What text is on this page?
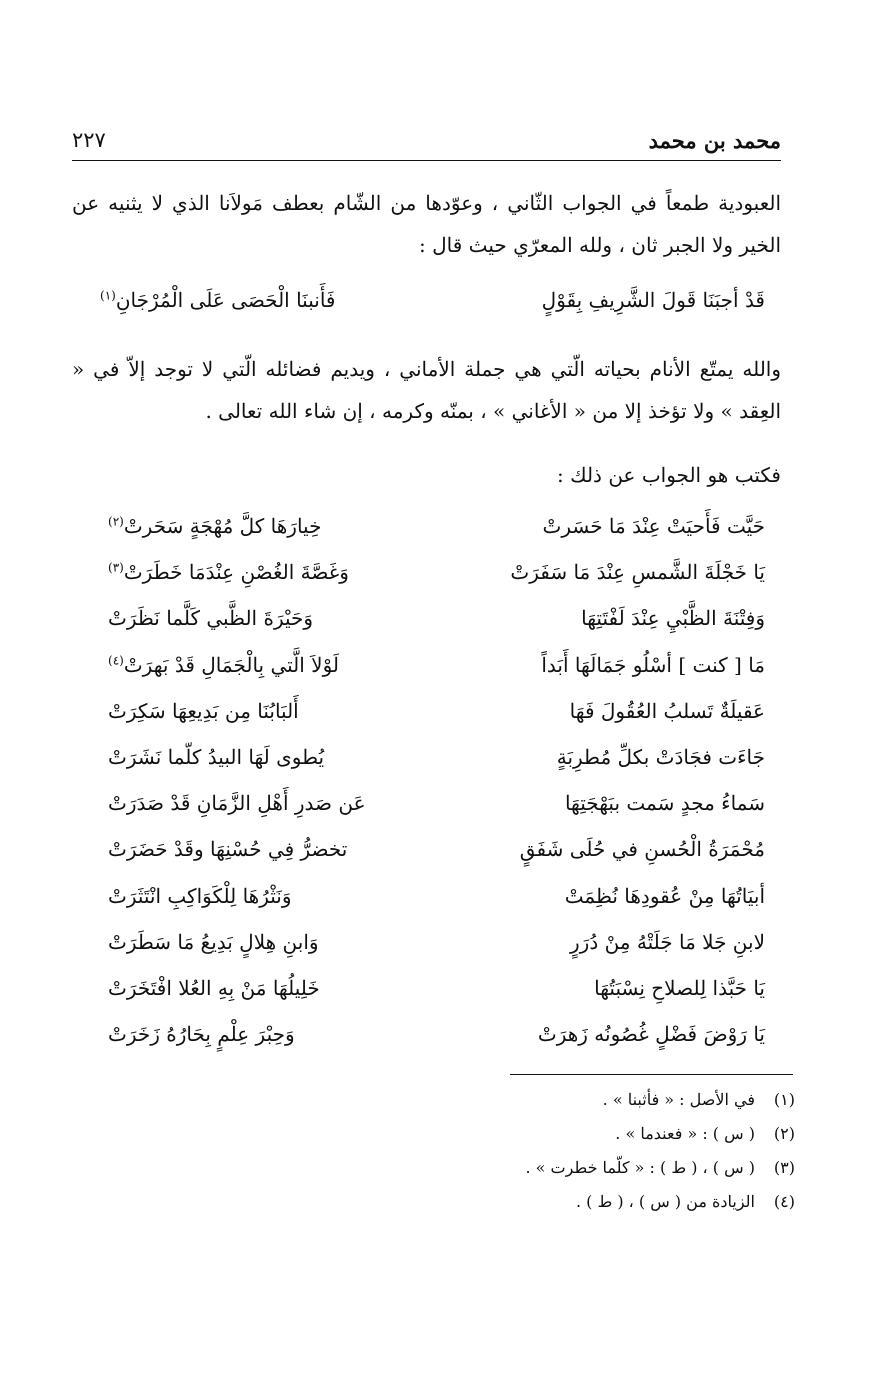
محمد بن محمد
٢٢٧

العبودية طمعاً في الجواب الثّاني ، وعوّدها من الشّام بعطف مَولاَنا الذي لا يثنيه عن الخير ولا الجبر ثان ، ولله المعرّي حيث قال :

قَدْ أجبَنَا قَولَ الشَّرِيفِ بِقَوْلٍ
فَأَنبنَا الْحَصَى عَلَى الْمُرْجَانِ$^{(١)}$

والله يمتّع الأنام بحياته الّتي هي جملة الأماني ، ويديم فضائله الّتي لا توجد إلاّ في « العِقد » ولا تؤخذ إلا من « الأغاني » ، بمنّه وكرمه ، إن شاء الله تعالى .

فكتب هو الجواب عن ذلك :

حَيَّت فَأَحيَتْ عِنْدَ مَا حَسَرتْ
خِيارَهَا كلَّ مُهْجَةٍ سَحَرتْ$^{(٢)}$
يَا خَجْلَةَ الشَّمسِ عِنْدَ مَا سَفَرَتْ
وَغَصَّةَ الغُصْنِ عِنْدَمَا خَطَرَتْ$^{(٣)}$
وَفِتْنَةَ الظَّبْيِ عِنْدَ لَفْتَتِهَا
وَحَيْرَةَ الظَّبي كَلَّما نَظَرَتْ
مَا [ كنت ] أسْلُو جَمَالَهَا أَبَداً
لَوْلاَ الَّتي بِالْجَمَالِ قَدْ بَهرَتْ$^{(٤)}$
عَقيلَةٌ تَسلبُ العُقُولَ فَهَا
أَلبَابُنَا مِن بَدِيعِهَا سَكِرَتْ
جَاءَت فجَادَتْ بكلِّ مُطرِبَةٍ
يُطوى لَهَا البيدُ كلّما نَشَرَتْ
سَماءُ مجدٍ سَمت ببَهْجَتِهَا
عَن صَدرِ أَهْلِ الزَّمَانِ قَدْ صَدَرَتْ
مُحْمَرَةُ الْحُسنِ في حُلَى شَفَقٍ
تخضرُّ فِي حُسْنِهَا وقَدْ حَضَرَتْ
أبيَاتُهَا مِنْ عُقودِهَا نُظِمَتْ
وَنَثْرُهَا لِلْكَوَاكِبِ انْتَثَرَتْ
لابنِ جَلا مَا جَلَتْهُ مِنْ دُرَرٍ
وَابنِ هِلالٍ بَدِيعُ مَا سَطَرَتْ
يَا حَبَّذا لِلصلاحِ نِسْبَتُهَا
خَلِيلُهَا مَنْ بِهِ العُلا افْتَخَرَتْ
يَا رَوْضَ فَضْلٍ غُصُونُه زَهرَتْ
وَحِبْرَ عِلْمٍ بِحَارُهُ زَخَرَتْ
(١)في الأصل : « فأثبنا » .
(٢)( س ) : « فعندما » .
(٣)( س ) ، ( ط ) : « كلّما خطرت » .
(٤)الزيادة من ( س ) ، ( ط ) .
